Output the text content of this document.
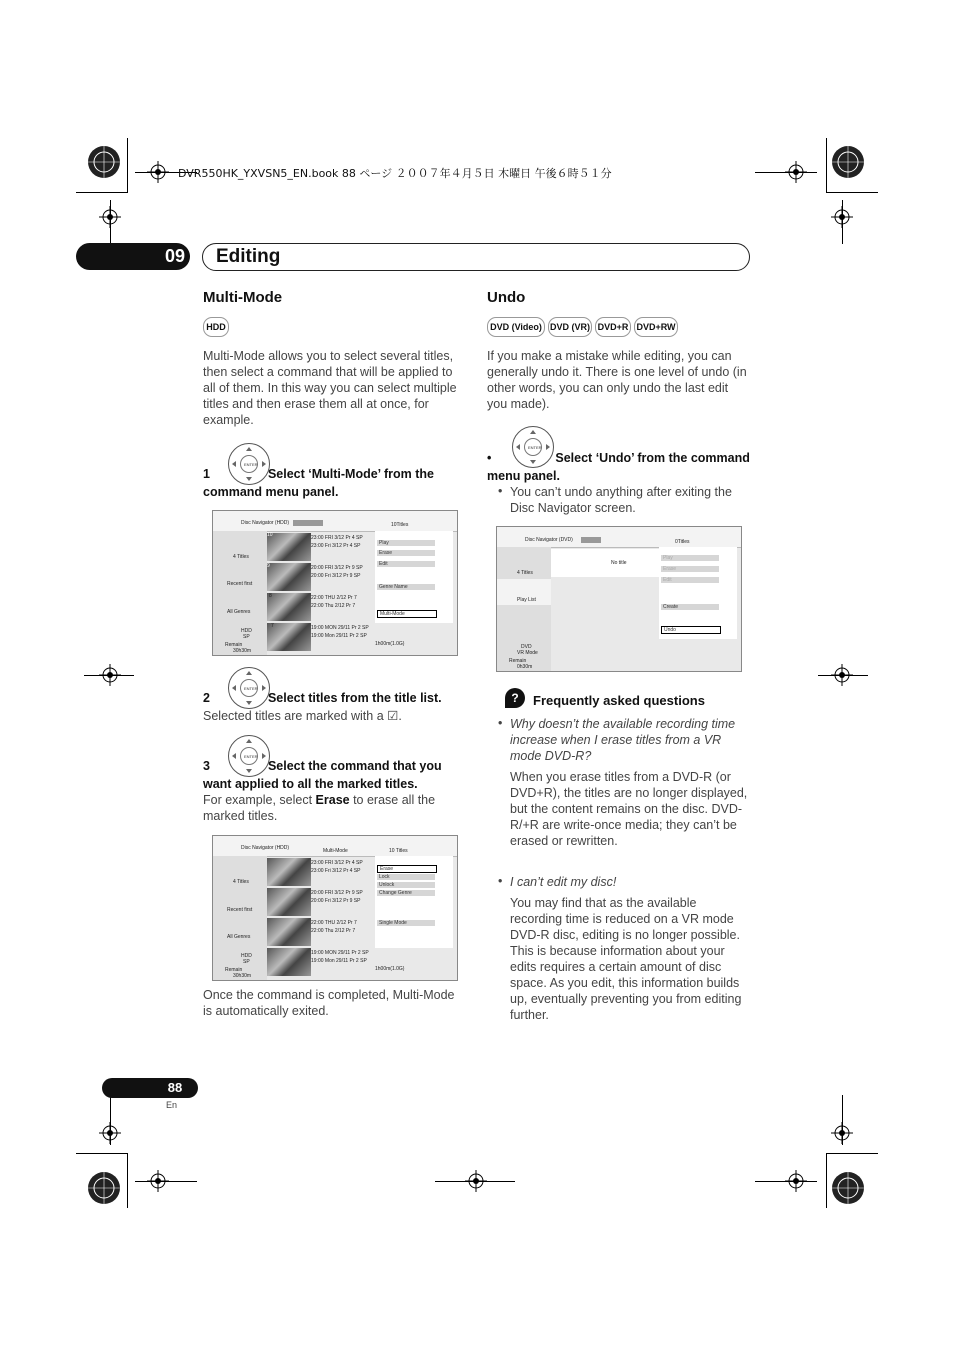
DVR550HK_YXVSN5_EN.book 88 ページ ２００７年４月５日 木曜日 午後６時５１分
09 Editing
Multi-Mode
HDD

Multi-Mode allows you to select several titles, then select a command that will be applied to all of them. In this way you can select multiple titles and then erase them all at once, for example.

ENTER
1	Select ‘Multi-Mode’ from the command menu panel.
Disc Navigator (HDD)	10Titles
4 Titles
Recent first
All Genres
HDD
SP
Remain
30h30m
10	23:00 FRI 3/12 Pr 4 SP
23:00 Fri 3/12 Pr 4 SP
9	20:00 FRI 3/12 Pr 9 SP
20:00 Fri 3/12 Pr 9 SP
8	22:00 THU 2/12 Pr 7
22:00 Thu 2/12 Pr 7
7	19:00 MON 29/11 Pr 2 SP
19:00 Mon 29/11 Pr 2 SP
Play
Erase
Edit
Genre Name
Multi-Mode
1h00m(1.0G)
ENTER
2	Select titles from the title list.

Selected titles are marked with a ☑.

ENTER
3	Select the command that you want applied to all the marked titles.

For example, select Erase to erase all the marked titles.

Disc Navigator (HDD)	Multi-Mode	10 Titles
4 Titles
Recent first
All Genres
HDD
SP
Remain
30h30m
23:00 FRI 3/12 Pr 4 SP
23:00 Fri 3/12 Pr 4 SP
20:00 FRI 3/12 Pr 9 SP
20:00 Fri 3/12 Pr 9 SP
22:00 THU 2/12 Pr 7
22:00 Thu 2/12 Pr 7
19:00 MON 29/11 Pr 2 SP
19:00 Mon 29/11 Pr 2 SP
Erase
Lock
Unlock
Change Genre
Single Mode
1h00m(1.0G)

Once the command is completed, Multi-Mode is automatically exited.

Undo
DVD (Video) DVD (VR) DVD+R DVD+RW

If you make a mistake while editing, you can generally undo it. There is one level of undo (in other words, you can only undo the last edit you made).

ENTER
•	Select ‘Undo’ from the command menu panel.
• You can’t undo anything after exiting the Disc Navigator screen.

Disc Navigator (DVD)	0Titles
4 Titles
Play List
DVD
VR Mode
Remain
0h30m
No title
Play
Erase
Edit
Create
Undo
?	Frequently asked questions
• Why doesn’t the available recording time increase when I erase titles from a VR mode DVD-R?

When you erase titles from a DVD-R (or DVD+R), the titles are no longer displayed, but the content remains on the disc. DVD-R/+R are write-once media; they can’t be erased or rewritten.

• I can’t edit my disc!

You may find that as the available recording time is reduced on a VR mode DVD-R disc, editing is no longer possible. This is because information about your edits requires a certain amount of disc space. As you edit, this information builds up, eventually preventing you from editing further.

88
En
